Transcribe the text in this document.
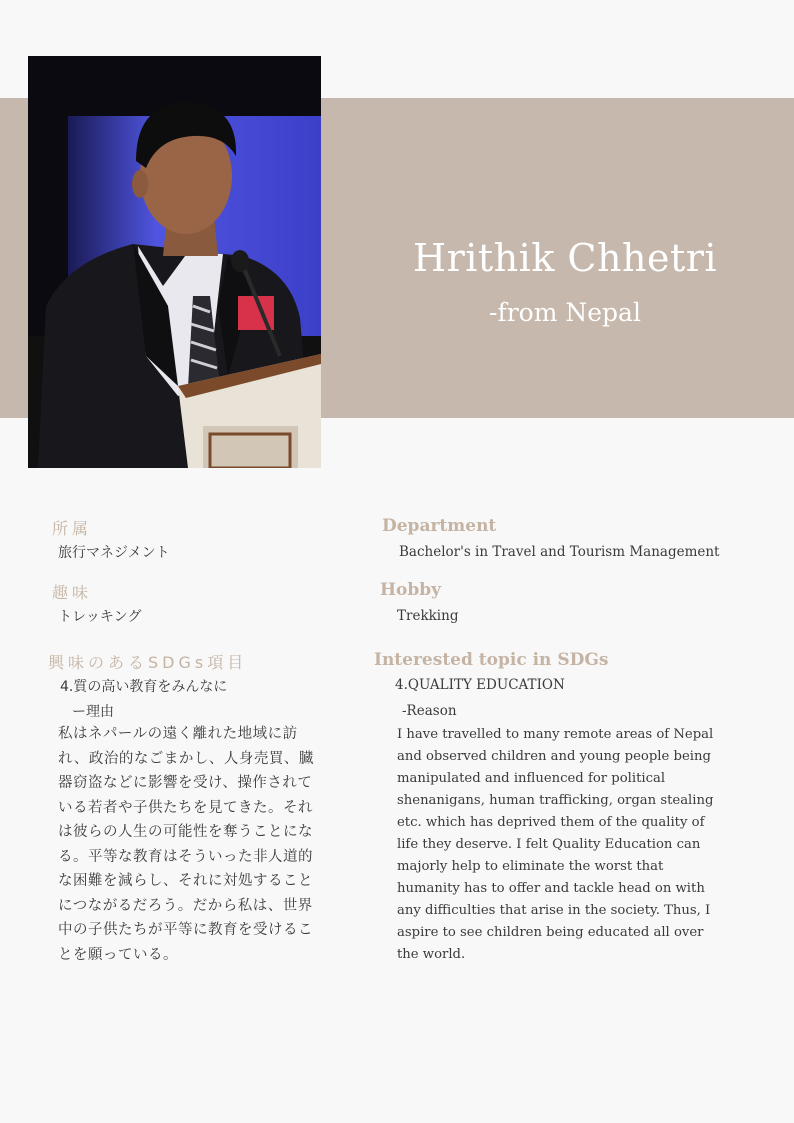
Hrithik Chhetri
-from Nepal
所属
旅行マネジメント
趣味
トレッキング
興味のあるSDGs項目
4.質の高い教育をみんなに
ー理由

私はネパールの遠く離れた地域に訪れ、政治的なごまかし、人身売買、臓器窃盗などに影響を受け、操作されている若者や子供たちを見てきた。それは彼らの人生の可能性を奪うことになる。平等な教育はそういった非人道的な困難を減らし、それに対処することにつながるだろう。だから私は、世界中の子供たちが平等に教育を受けることを願っている。

Department
Bachelor's in Travel and Tourism Management
Hobby
Trekking
Interested topic in SDGs
4.QUALITY EDUCATION
-Reason

I have travelled to many remote areas of Nepal and observed children and young people being manipulated and influenced for political shenanigans, human trafficking, organ stealing etc. which has deprived them of the quality of life they deserve. I felt Quality Education can majorly help to eliminate the worst that humanity has to offer and tackle head on with any difficulties that arise in the society. Thus, I aspire to see children being educated all over the world.
